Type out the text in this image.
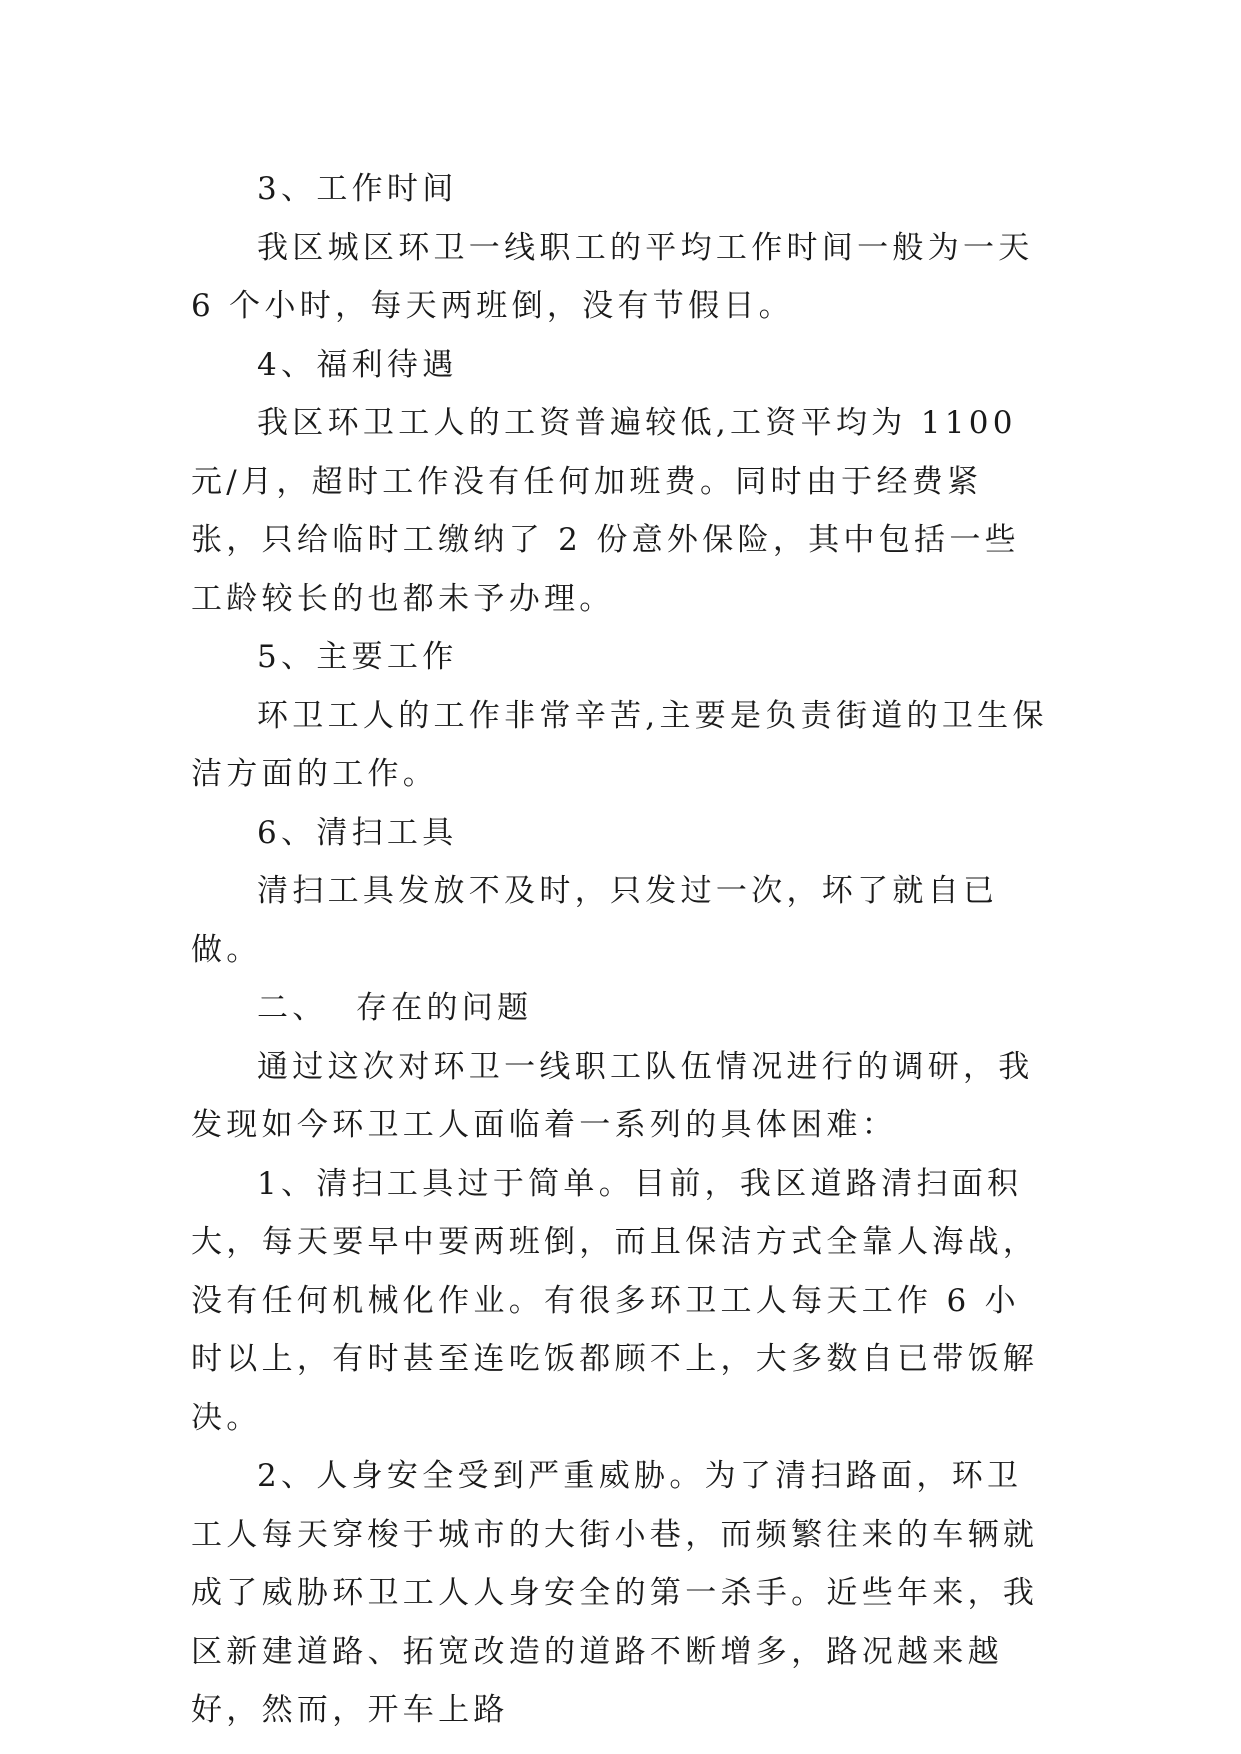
3、工作时间

我区城区环卫一线职工的平均工作时间一般为一天 6 个小时，每天两班倒，没有节假日。

4、福利待遇

我区环卫工人的工资普遍较低,工资平均为 1100 元/月，超时工作没有任何加班费。同时由于经费紧张，只给临时工缴纳了 2 份意外保险，其中包括一些工龄较长的也都未予办理。

5、主要工作

环卫工人的工作非常辛苦,主要是负责街道的卫生保洁方面的工作。

6、清扫工具

清扫工具发放不及时，只发过一次，坏了就自已做。

二、  存在的问题

通过这次对环卫一线职工队伍情况进行的调研，我发现如今环卫工人面临着一系列的具体困难：

1、清扫工具过于简单。目前，我区道路清扫面积大，每天要早中要两班倒，而且保洁方式全靠人海战，没有任何机械化作业。有很多环卫工人每天工作 6 小时以上，有时甚至连吃饭都顾不上，大多数自已带饭解决。

2、人身安全受到严重威胁。为了清扫路面，环卫工人每天穿梭于城市的大街小巷，而频繁往来的车辆就成了威胁环卫工人人身安全的第一杀手。近些年来，我区新建道路、拓宽改造的道路不断增多，路况越来越好，然而，开车上路
